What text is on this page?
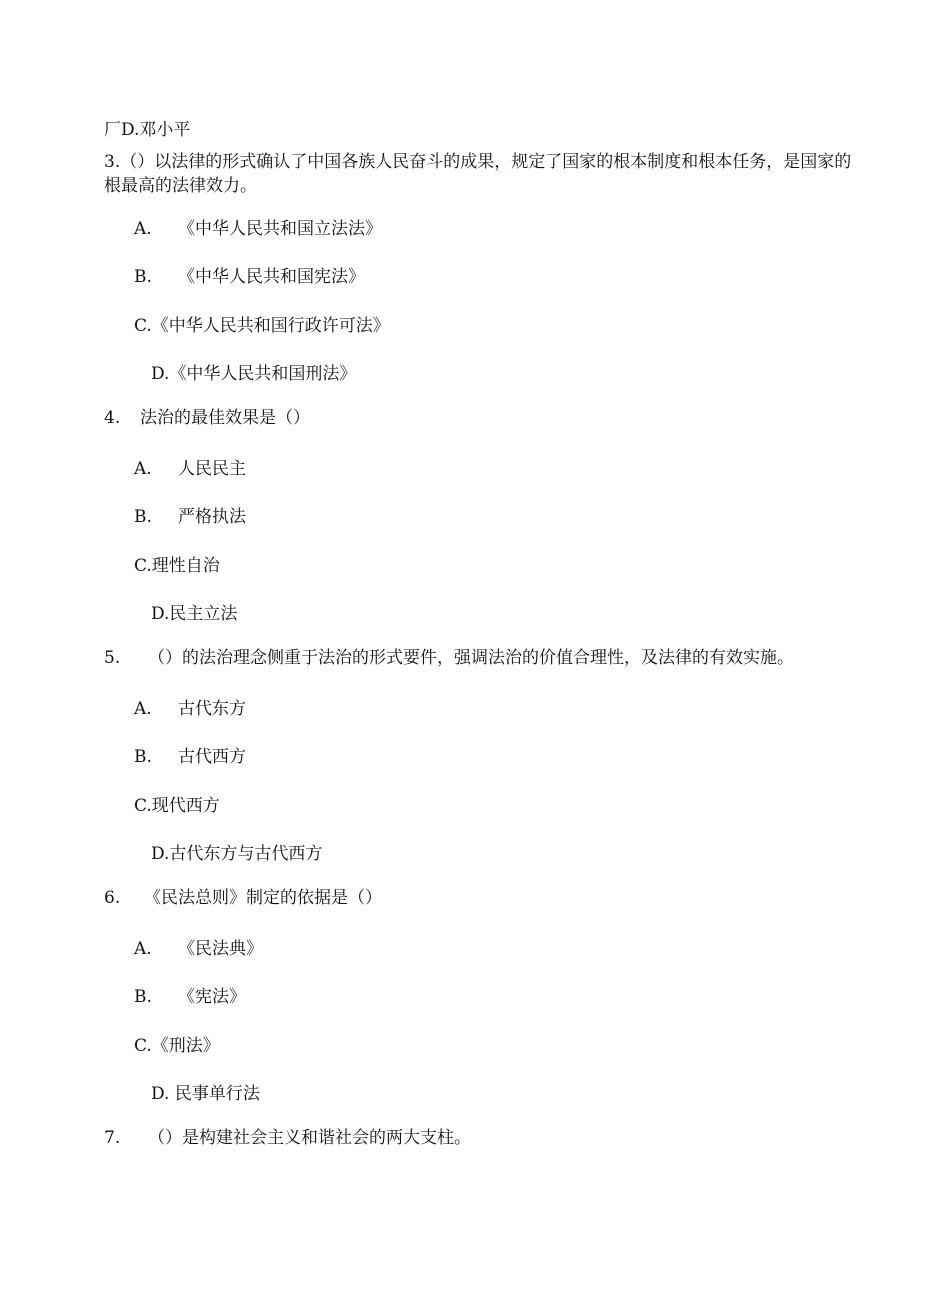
厂D.邓小平
3.（）以法律的形式确认了中国各族人民奋斗的成果，规定了国家的根本制度和根本任务，是国家的
根最高的法律效力。
A. 《中华人民共和国立法法》
B. 《中华人民共和国宪法》
C.《中华人民共和国行政许可法》
D.《中华人民共和国刑法》
4. 法治的最佳效果是（）
A. 人民民主
B. 严格执法
C.理性自治
D.民主立法
5. （）的法治理念侧重于法治的形式要件，强调法治的价值合理性，及法律的有效实施。
A. 古代东方
B. 古代西方
C.现代西方
D.古代东方与古代西方
6. 《民法总则》制定的依据是（）
A. 《民法典》
B. 《宪法》
C.《刑法》
D. 民事单行法
7. （）是构建社会主义和谐社会的两大支柱。
